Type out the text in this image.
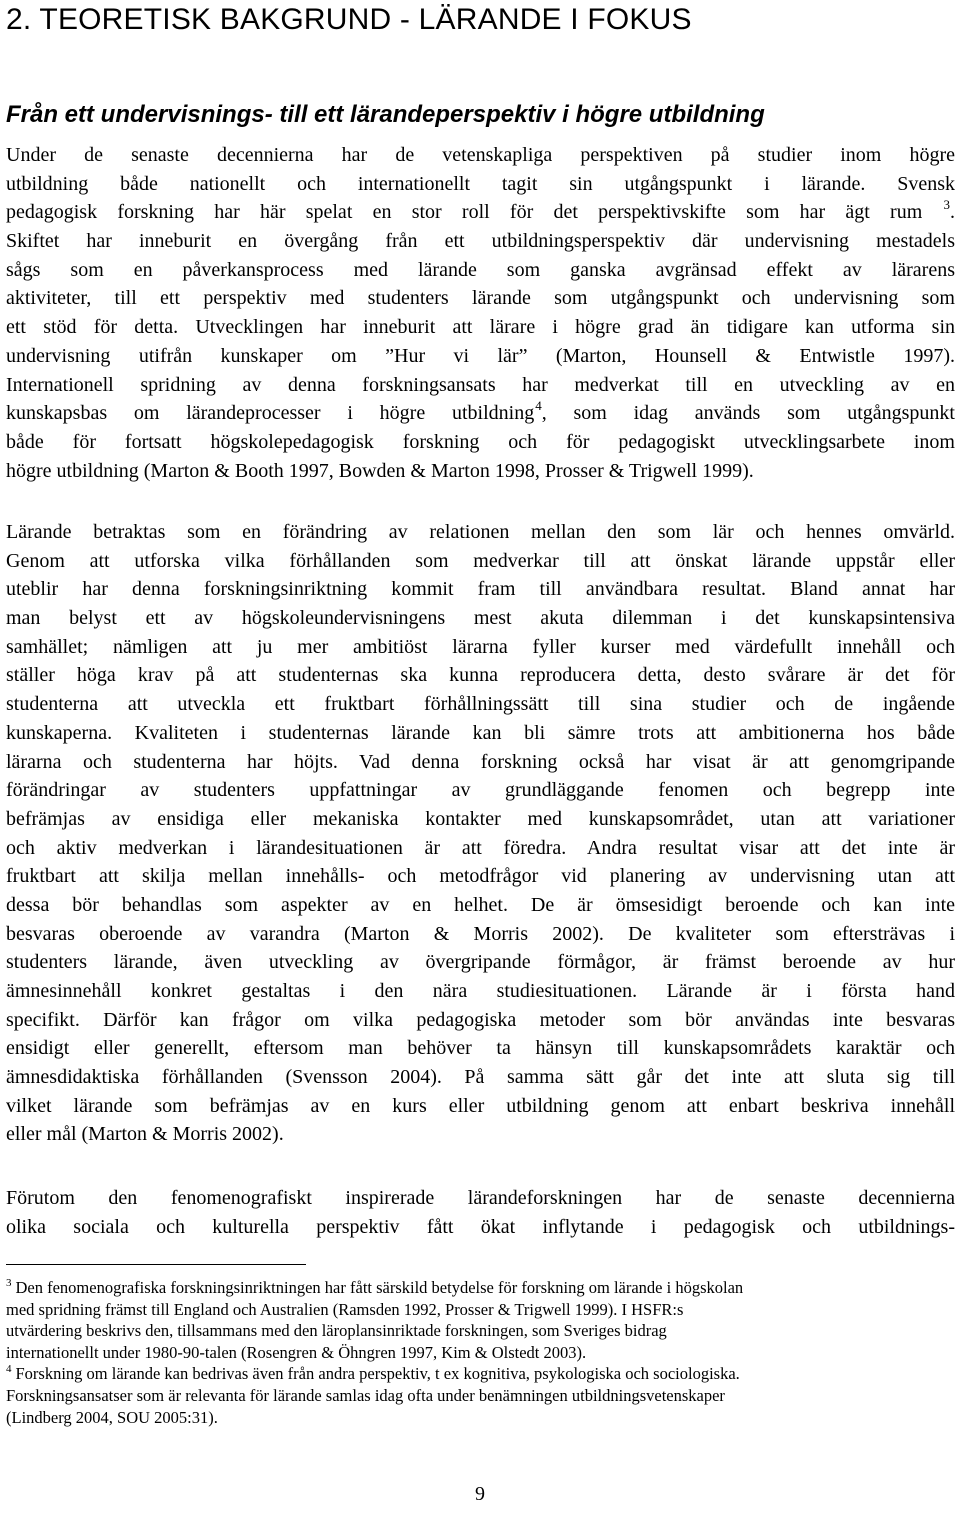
2. TEORETISK BAKGRUND - LÄRANDE I FOKUS
Från ett undervisnings- till ett lärandeperspektiv i högre utbildning
Under de senaste decennierna har de vetenskapliga perspektiven på studier inom högre
utbildning både nationellt och internationellt tagit sin utgångspunkt i lärande. Svensk
pedagogisk forskning har här spelat en stor roll för det perspektivskifte som har ägt rum $^3$.
Skiftet har inneburit en övergång från ett utbildningsperspektiv där undervisning mestadels
sågs som en påverkansprocess med lärande som ganska avgränsad effekt av lärarens
aktiviteter, till ett perspektiv med studenters lärande som utgångspunkt och undervisning som
ett stöd för detta. Utvecklingen har inneburit att lärare i högre grad än tidigare kan utforma sin
undervisning utifrån kunskaper om ”Hur vi lär” (Marton, Hounsell & Entwistle 1997).
Internationell spridning av denna forskningsansats har medverkat till en utveckling av en
kunskapsbas om lärandeprocesser i högre utbildning$^4$, som idag används som utgångspunkt
både för fortsatt högskolepedagogisk forskning och för pedagogiskt utvecklingsarbete inom
högre utbildning (Marton & Booth 1997, Bowden & Marton 1998, Prosser & Trigwell 1999).
Lärande betraktas som en förändring av relationen mellan den som lär och hennes omvärld.
Genom att utforska vilka förhållanden som medverkar till att önskat lärande uppstår eller
uteblir har denna forskningsinriktning kommit fram till användbara resultat. Bland annat har
man belyst ett av högskoleundervisningens mest akuta dilemman i det kunskapsintensiva
samhället; nämligen att ju mer ambitiöst lärarna fyller kurser med värdefullt innehåll och
ställer höga krav på att studenternas ska kunna reproducera detta, desto svårare är det för
studenterna att utveckla ett fruktbart förhållningssätt till sina studier och de ingående
kunskaperna. Kvaliteten i studenternas lärande kan bli sämre trots att ambitionerna hos både
lärarna och studenterna har höjts. Vad denna forskning också har visat är att genomgripande
förändringar av studenters uppfattningar av grundläggande fenomen och begrepp inte
befrämjas av ensidiga eller mekaniska kontakter med kunskapsområdet, utan att variationer
och aktiv medverkan i lärandesituationen är att föredra. Andra resultat visar att det inte är
fruktbart att skilja mellan innehålls- och metodfrågor vid planering av undervisning utan att
dessa bör behandlas som aspekter av en helhet. De är ömsesidigt beroende och kan inte
besvaras oberoende av varandra (Marton & Morris 2002). De kvaliteter som eftersträvas i
studenters lärande, även utveckling av övergripande förmågor, är främst beroende av hur
ämnesinnehåll konkret gestaltas i den nära studiesituationen. Lärande är i första hand
specifikt. Därför kan frågor om vilka pedagogiska metoder som bör användas inte besvaras
ensidigt eller generellt, eftersom man behöver ta hänsyn till kunskapsområdets karaktär och
ämnesdidaktiska förhållanden (Svensson 2004). På samma sätt går det inte att sluta sig till
vilket lärande som befrämjas av en kurs eller utbildning genom att enbart beskriva innehåll
eller mål (Marton & Morris 2002).
Förutom den fenomenografiskt inspirerade lärandeforskningen har de senaste decennierna
olika sociala och kulturella perspektiv fått ökat inflytande i pedagogisk och utbildnings-
$^3$ Den fenomenografiska forskningsinriktningen har fått särskild betydelse för forskning om lärande i högskolan
med spridning främst till England och Australien (Ramsden 1992, Prosser & Trigwell 1999). I HSFR:s
utvärdering beskrivs den, tillsammans med den läroplansinriktade forskningen, som Sveriges bidrag
internationellt under 1980-90-talen (Rosengren & Öhngren 1997, Kim & Olstedt 2003).
$^4$ Forskning om lärande kan bedrivas även från andra perspektiv, t ex kognitiva, psykologiska och sociologiska.
Forskningsansatser som är relevanta för lärande samlas idag ofta under benämningen utbildningsvetenskaper
(Lindberg 2004, SOU 2005:31).
9
